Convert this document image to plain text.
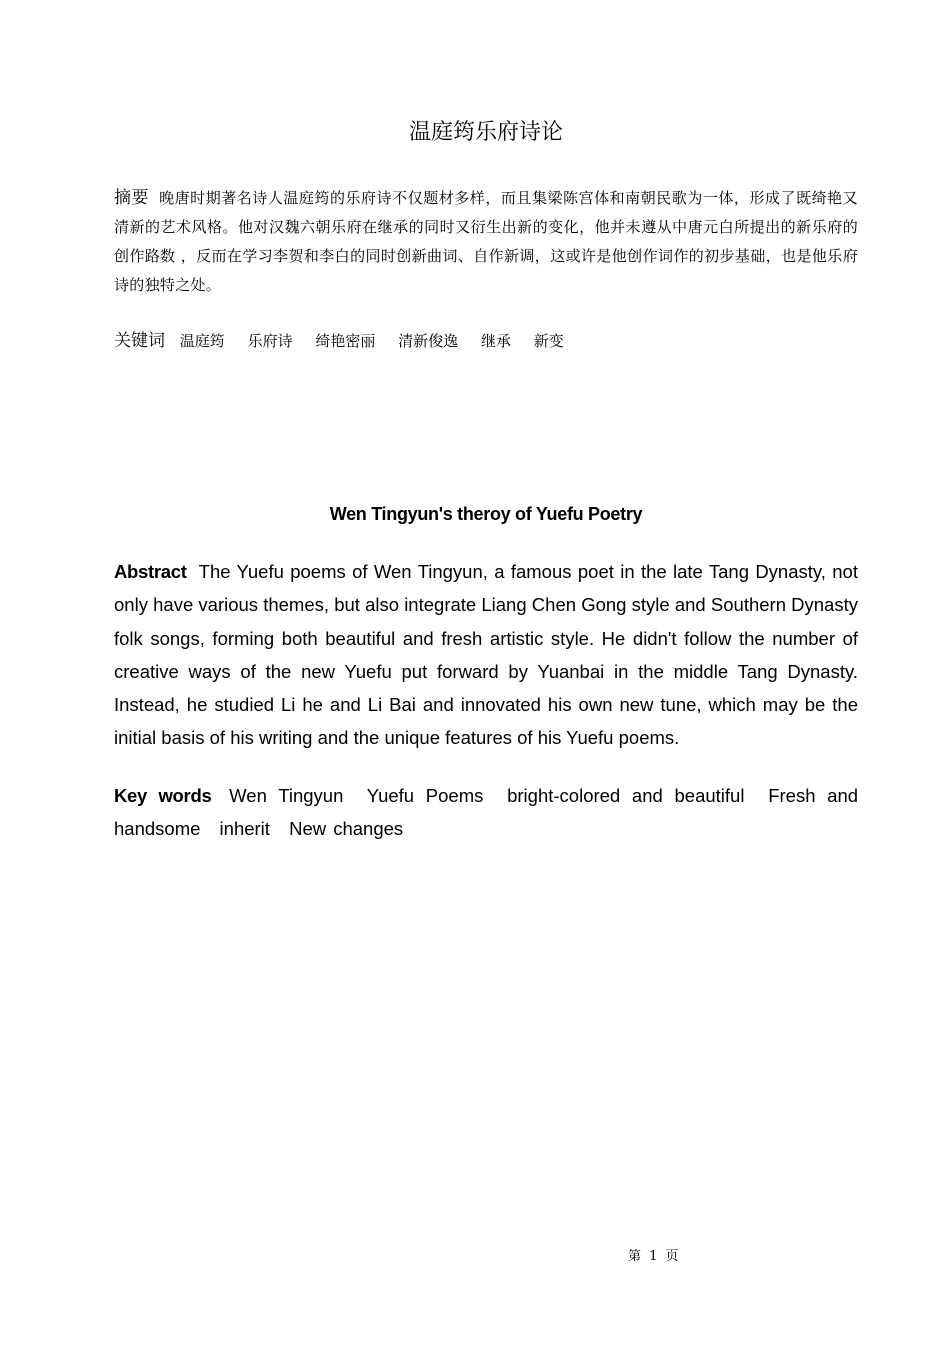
温庭筠乐府诗论
摘要 晚唐时期著名诗人温庭筠的乐府诗不仅题材多样，而且集梁陈宫体和南朝民歌为一体，形成了既绮艳又清新的艺术风格。他对汉魏六朝乐府在继承的同时又衍生出新的变化，他并未遵从中唐元白所提出的新乐府的创作路数 ，反而在学习李贺和李白的同时创新曲词、自作新调，这或许是他创作词作的初步基础，也是他乐府诗的独特之处。
关键词 温庭筠 乐府诗 绮艳密丽 清新俊逸 继承 新变
Wen Tingyun's theroy of Yuefu Poetry
Abstract The Yuefu poems of Wen Tingyun, a famous poet in the late Tang Dynasty, not only have various themes, but also integrate Liang Chen Gong style and Southern Dynasty folk songs, forming both beautiful and fresh artistic style. He didn't follow the number of creative ways of the new Yuefu put forward by Yuanbai in the middle Tang Dynasty. Instead, he studied Li he and Li Bai and innovated his own new tune, which may be the initial basis of his writing and the unique features of his Yuefu poems.
Key words Wen Tingyun Yuefu Poems bright-colored and beautiful Fresh and handsome inherit New changes
第 1 页
